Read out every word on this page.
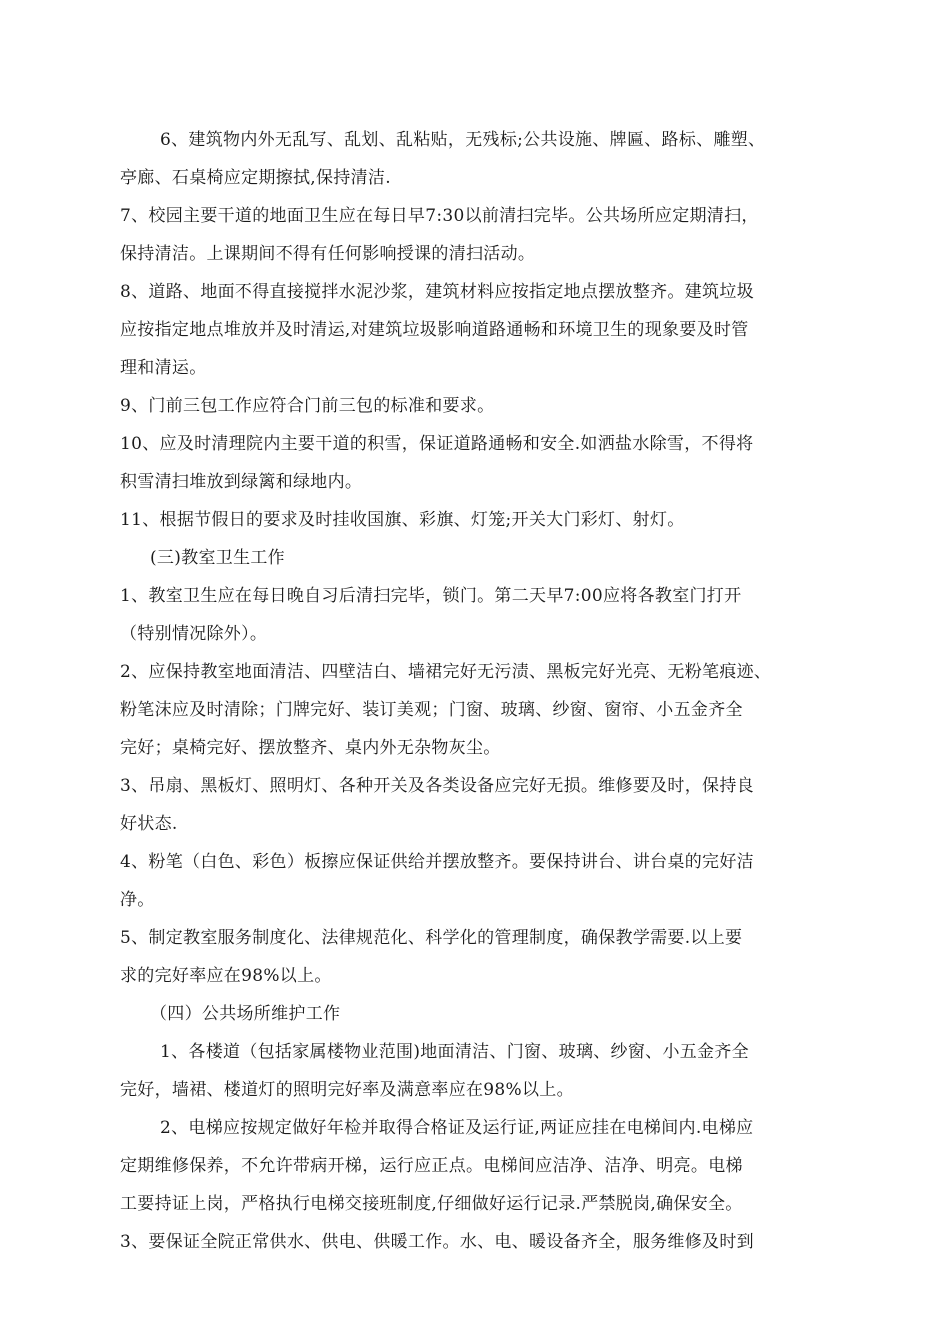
6、建筑物内外无乱写、乱划、乱粘贴，无残标;公共设施、牌匾、路标、雕塑、
亭廊、石桌椅应定期擦拭,保持清洁.
7、校园主要干道的地面卫生应在每日早7:30以前清扫完毕。公共场所应定期清扫，
保持清洁。上课期间不得有任何影响授课的清扫活动。
8、道路、地面不得直接搅拌水泥沙浆，建筑材料应按指定地点摆放整齐。建筑垃圾
应按指定地点堆放并及时清运,对建筑垃圾影响道路通畅和环境卫生的现象要及时管
理和清运。
9、门前三包工作应符合门前三包的标准和要求。
10、应及时清理院内主要干道的积雪，保证道路通畅和安全.如洒盐水除雪，不得将
积雪清扫堆放到绿篱和绿地内。
11、根据节假日的要求及时挂收国旗、彩旗、灯笼;开关大门彩灯、射灯。
(三)教室卫生工作
1、教室卫生应在每日晚自习后清扫完毕，锁门。第二天早7:00应将各教室门打开
（特别情况除外）。
2、应保持教室地面清洁、四壁洁白、墙裙完好无污渍、黑板完好光亮、无粉笔痕迹、
粉笔沫应及时清除；门牌完好、装订美观；门窗、玻璃、纱窗、窗帘、小五金齐全
完好；桌椅完好、摆放整齐、桌内外无杂物灰尘。
3、吊扇、黑板灯、照明灯、各种开关及各类设备应完好无损。维修要及时，保持良
好状态.
4、粉笔（白色、彩色）板擦应保证供给并摆放整齐。要保持讲台、讲台桌的完好洁
净。
5、制定教室服务制度化、法律规范化、科学化的管理制度，确保教学需要.以上要
求的完好率应在98%以上。
（四）公共场所维护工作
1、各楼道（包括家属楼物业范围)地面清洁、门窗、玻璃、纱窗、小五金齐全
完好，墙裙、楼道灯的照明完好率及满意率应在98%以上。
2、电梯应按规定做好年检并取得合格证及运行证,两证应挂在电梯间内.电梯应
定期维修保养，不允许带病开梯，运行应正点。电梯间应洁净、洁净、明亮。电梯
工要持证上岗，严格执行电梯交接班制度,仔细做好运行记录.严禁脱岗,确保安全。
3、要保证全院正常供水、供电、供暖工作。水、电、暖设备齐全，服务维修及时到
